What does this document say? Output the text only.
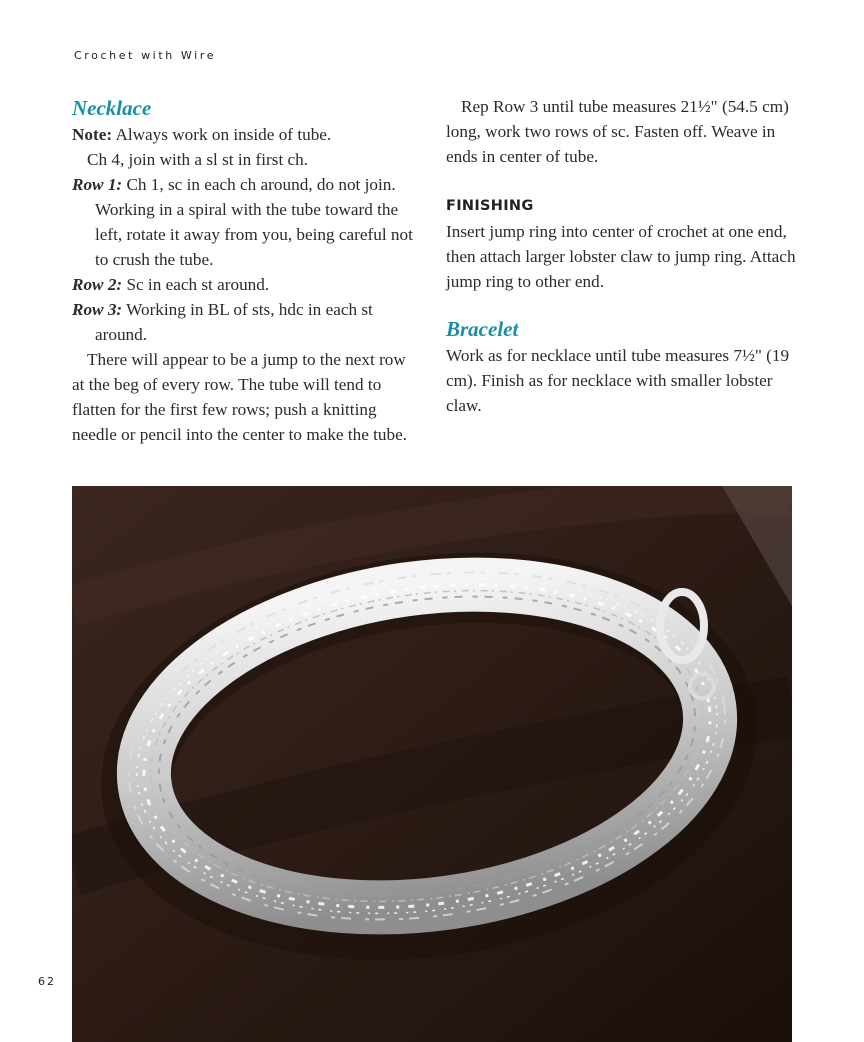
Crochet with Wire
Necklace

Note: Always work on inside of tube.

Ch 4, join with a sl st in first ch.

Row 1: Ch 1, sc in each ch around, do not join. Working in a spiral with the tube toward the left, rotate it away from you, being careful not to crush the tube.

Row 2: Sc in each st around.

Row 3: Working in BL of sts, hdc in each st around.

There will appear to be a jump to the next row at the beg of every row. The tube will tend to flatten for the first few rows; push a knitting needle or pencil into the center to make the tube.

Rep Row 3 until tube measures 21½" (54.5 cm) long, work two rows of sc. Fasten off. Weave in ends in center of tube.

FINISHING

Insert jump ring into center of crochet at one end, then attach larger lobster claw to jump ring. Attach jump ring to other end.

Bracelet

Work as for necklace until tube measures 7½" (19 cm). Finish as for necklace with smaller lobster claw.

62
